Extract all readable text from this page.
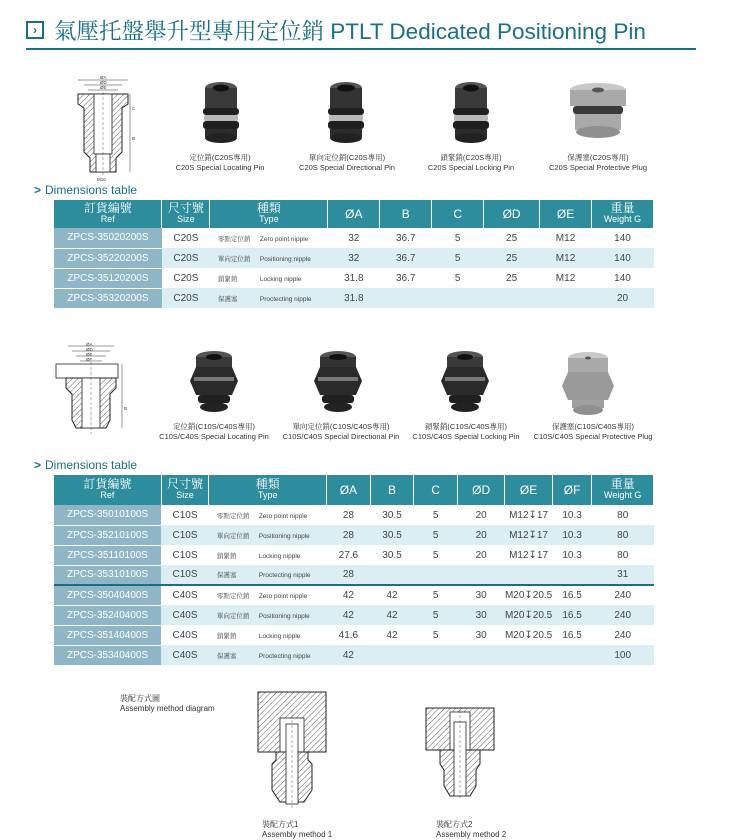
› 氣壓托盤舉升型專用定位銷 PTLT Dedicated Positioning Pin
ØA
ØD
ØE
C
B
M10
定位銷(C20S專用)
C20S Special Locating Pin
單向定位銷(C20S專用)
C20S Special Directional Pin
鎖緊銷(C20S專用)
C20S Special Locking Pin
保護塞(C20S專用)
C20S Special Protective Plug
> Dimensions table
訂貨編號
Ref	尺寸號
Size	種類
Type	ØA	B	C	ØD	ØE	重量
Weight G

ZPCS-35020200S	C20S	零點定位銷 Zero point nipple	32	36.7	5	25	M12	140
ZPCS-35220200S	C20S	單向定位銷 Positioning nipple	32	36.7	5	25	M12	140
ZPCS-35120200S	C20S	鎖緊銷 Locking nipple	31.8	36.7	5	25	M12	140
ZPCS-35320200S	C20S	保護塞 Proctecting nipple	31.8					20
ØA
ØD
ØE
ØF
B
定位銷(C10S/C40S專用)
C10S/C40S Special Locating Pin
單向定位銷(C10S/C40S專用)
C10S/C40S Special Directional Pin
鎖緊銷(C10S/C40S專用)
C10S/C40S Special Locking Pin
保護塞(C10S/C40S專用)
C10S/C40S Special Protective Plug
> Dimensions table
訂貨編號
Ref	尺寸號
Size	種類
Type	ØA	B	C	ØD	ØE	ØF	重量
Weight G

ZPCS-35010100S	C10S	零點定位銷 Zero point nipple	28	30.5	5	20	M12↧17	10.3	80
ZPCS-35210100S	C10S	單向定位銷 Positioning nipple	28	30.5	5	20	M12↧17	10.3	80
ZPCS-35110100S	C10S	鎖緊銷 Locking nipple	27.6	30.5	5	20	M12↧17	10.3	80
ZPCS-35310100S	C10S	保護塞 Proctecting nipple	28						31
ZPCS-35040400S	C40S	零點定位銷 Zero point nipple	42	42	5	30	M20↧20.5	16.5	240
ZPCS-35240400S	C40S	單向定位銷 Positioning nipple	42	42	5	30	M20↧20.5	16.5	240
ZPCS-35140400S	C40S	鎖緊銷 Locking nipple	41.6	42	5	30	M20↧20.5	16.5	240
ZPCS-35340400S	C40S	保護塞 Proctecting nipple	42						100
裝配方式圖
Assembly method diagram
裝配方式1
Assembly method 1
裝配方式2
Assembly method 2
